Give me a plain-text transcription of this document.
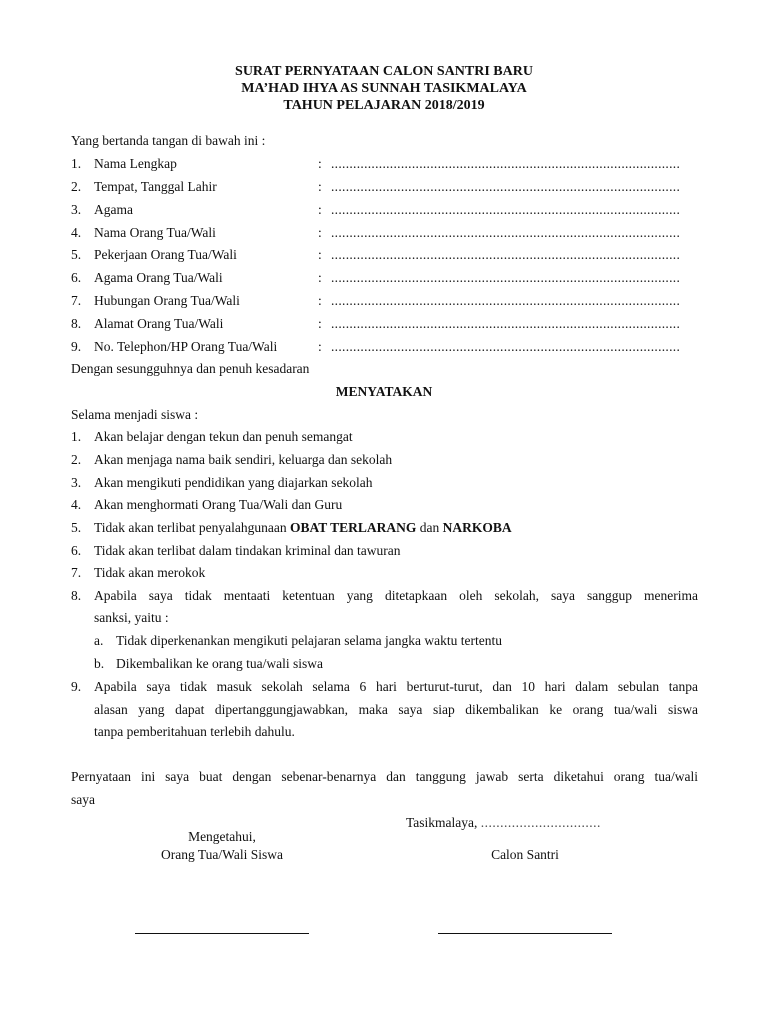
SURAT PERNYATAAN CALON SANTRI BARU
MA’HAD IHYA AS SUNNAH TASIKMALAYA
TAHUN PELAJARAN 2018/2019
Yang bertanda tangan di bawah ini :
1. Nama Lengkap	: ...............................................................................................
2. Tempat, Tanggal Lahir	: ...............................................................................................
3. Agama	: ...............................................................................................
4. Nama Orang Tua/Wali	: ...............................................................................................
5. Pekerjaan Orang Tua/Wali	: ...............................................................................................
6. Agama Orang Tua/Wali	: ...............................................................................................
7. Hubungan Orang Tua/Wali	: ...............................................................................................
8. Alamat Orang Tua/Wali	: ...............................................................................................
9. No. Telephon/HP Orang Tua/Wali	: ...............................................................................................
Dengan sesungguhnya dan penuh kesadaran
MENYATAKAN
Selama menjadi siswa :
1. Akan belajar dengan tekun dan penuh semangat
2. Akan menjaga nama baik sendiri, keluarga dan sekolah
3. Akan mengikuti pendidikan yang diajarkan sekolah
4. Akan menghormati Orang Tua/Wali dan Guru
5. Tidak akan terlibat penyalahgunaan OBAT TERLARANG dan NARKOBA
6. Tidak akan terlibat dalam tindakan kriminal dan tawuran
7. Tidak akan merokok
8. Apabila saya tidak mentaati ketentuan yang ditetapkaan oleh sekolah, saya sanggup menerima
sanksi, yaitu :
a. Tidak diperkenankan mengikuti pelajaran selama jangka waktu tertentu
b. Dikembalikan ke orang tua/wali siswa
9. Apabila saya tidak masuk sekolah selama 6 hari berturut-turut, dan 10 hari dalam sebulan tanpa
alasan yang dapat dipertanggungjawabkan, maka saya siap dikembalikan ke orang tua/wali siswa
tanpa pemberitahuan terlebih dahulu.
Pernyataan ini saya buat dengan sebenar-benarnya dan tanggung jawab serta diketahui orang tua/wali
saya
Tasikmalaya, ...............................
Mengetahui,
Orang Tua/Wali Siswa	Calon Santri
